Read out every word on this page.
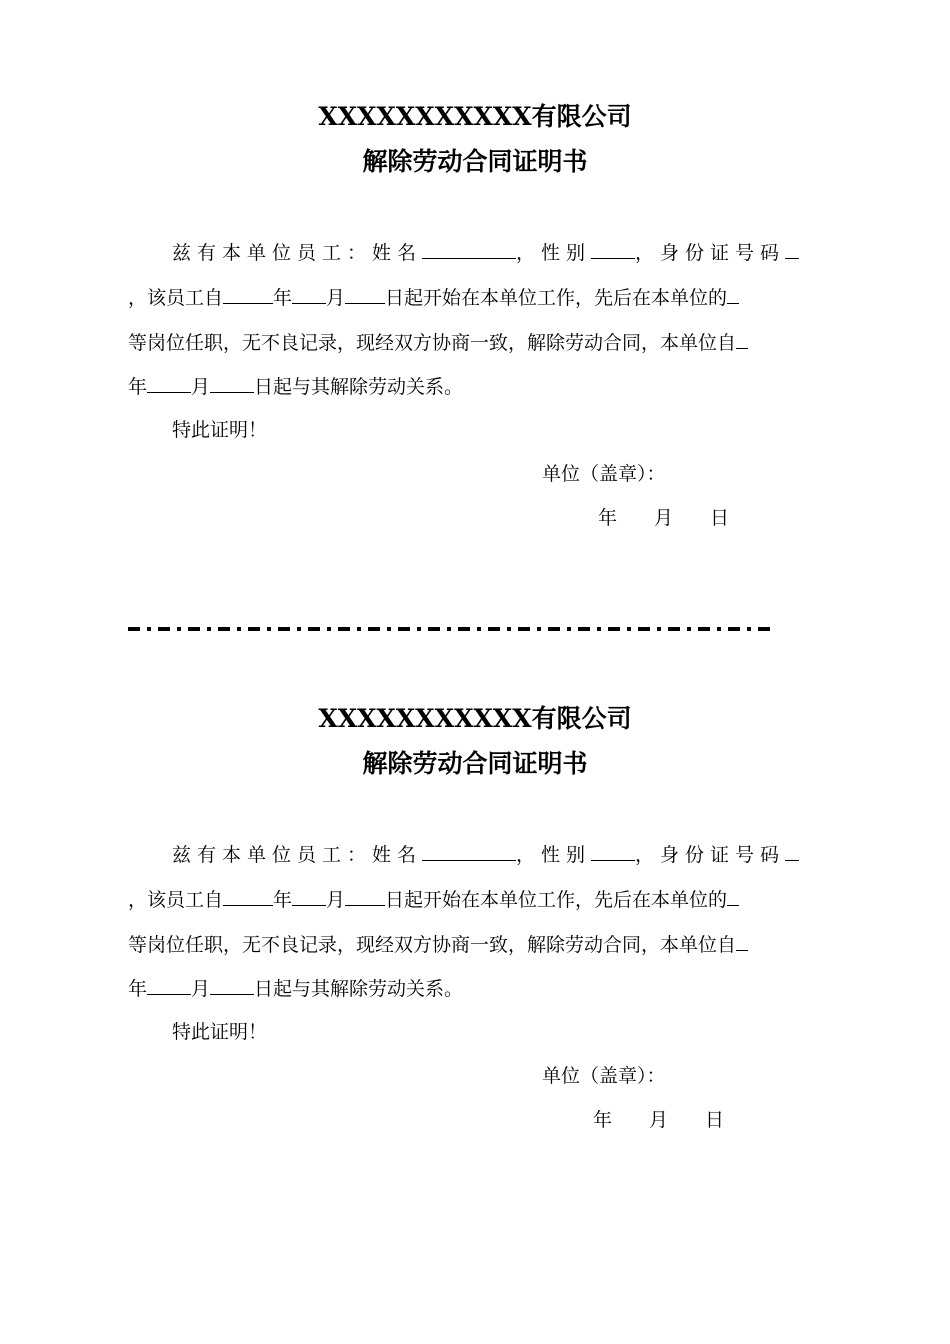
XXXXXXXXXXX有限公司
解除劳动合同证明书
兹有本单位员工：姓名	，性别 ，身份证号码
，该员工自	年 月 日起开始在本单位工作，先后在本单位的
等岗位任职，无不良记录，现经双方协商一致，解除劳动合同，本单位自
年 月 日起与其解除劳动关系。
特此证明！
单位（盖章）：
年 月 日
XXXXXXXXXXX有限公司
解除劳动合同证明书
兹有本单位员工：姓名	，性别 ，身份证号码
，该员工自	年 月 日起开始在本单位工作，先后在本单位的
等岗位任职，无不良记录，现经双方协商一致，解除劳动合同，本单位自
年 月 日起与其解除劳动关系。
特此证明！
单位（盖章）：
年 月 日
